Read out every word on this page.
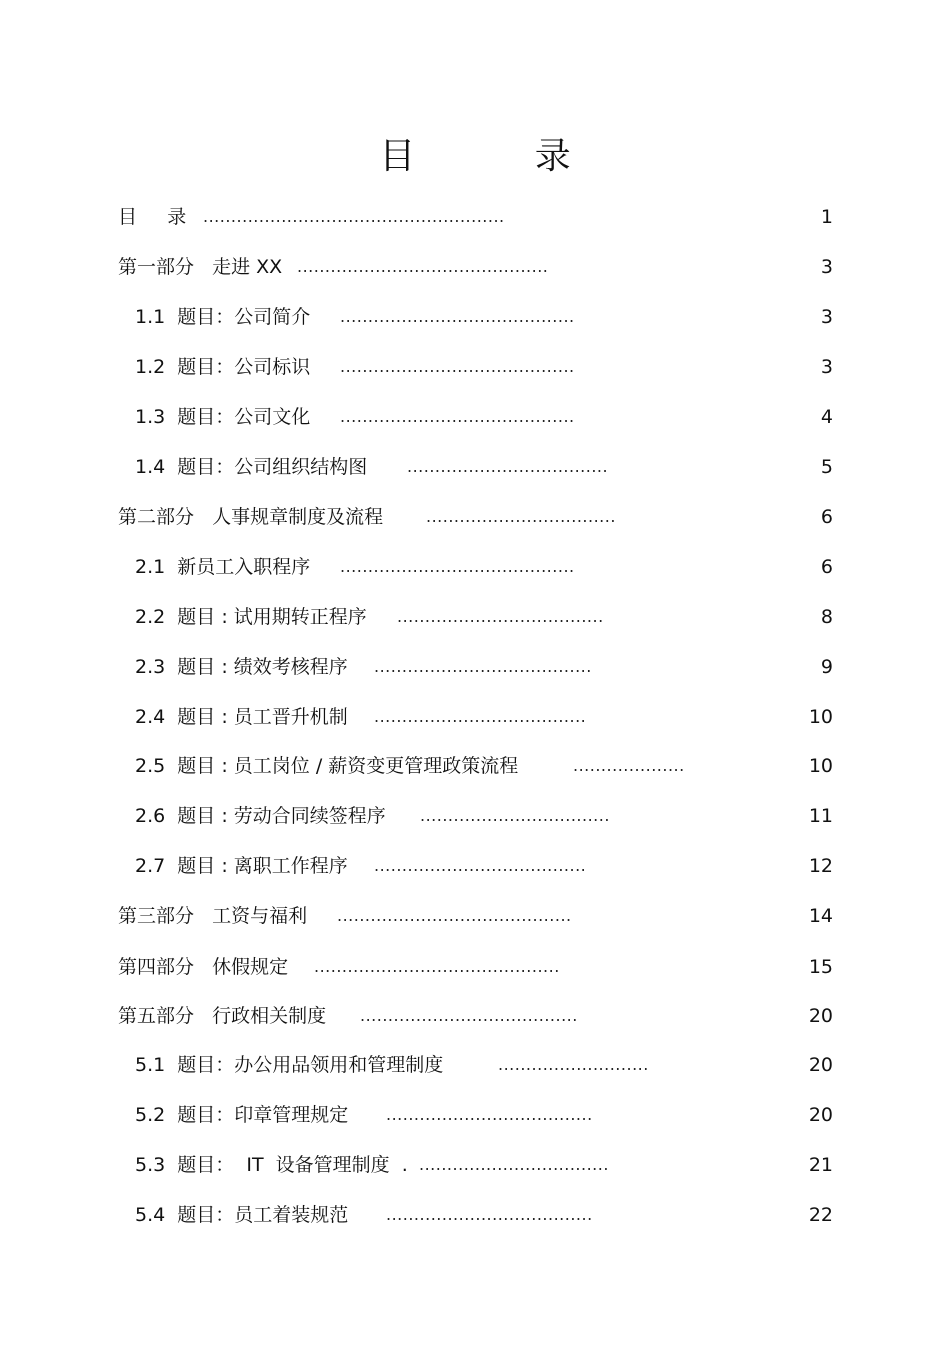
目 录
目     录 ......................................................	1
第一部分   走进 XX .............................................	3
1.1  题目：公司简介 ..........................................	3
1.2  题目：公司标识 ..........................................	3
1.3  题目：公司文化 ..........................................	4
1.4  题目：公司组织结构图 ....................................	5
第二部分   人事规章制度及流程	..................................	6
2.1  新员工入职程序 ..........................................	6
2.2  题目 : 试用期转正程序 .....................................	8
2.3  题目 : 绩效考核程序 .......................................	9
2.4  题目 : 员工晋升机制 ......................................	10
2.5  题目 : 员工岗位 / 薪资变更管理政策流程	....................	10
2.6  题目 : 劳动合同续签程序 ..................................	11
2.7  题目 : 离职工作程序 ......................................	12
第三部分   工资与福利 ..........................................	14
第四部分   休假规定 ............................................	15
第五部分   行政相关制度 .......................................	20
5.1  题目：办公用品领用和管理制度	...........................	20
5.2  题目：印章管理规定 .....................................	20
5.3  题目：  IT  设备管理制度  . ..................................	21
5.4  题目：员工着装规范 .....................................	22
